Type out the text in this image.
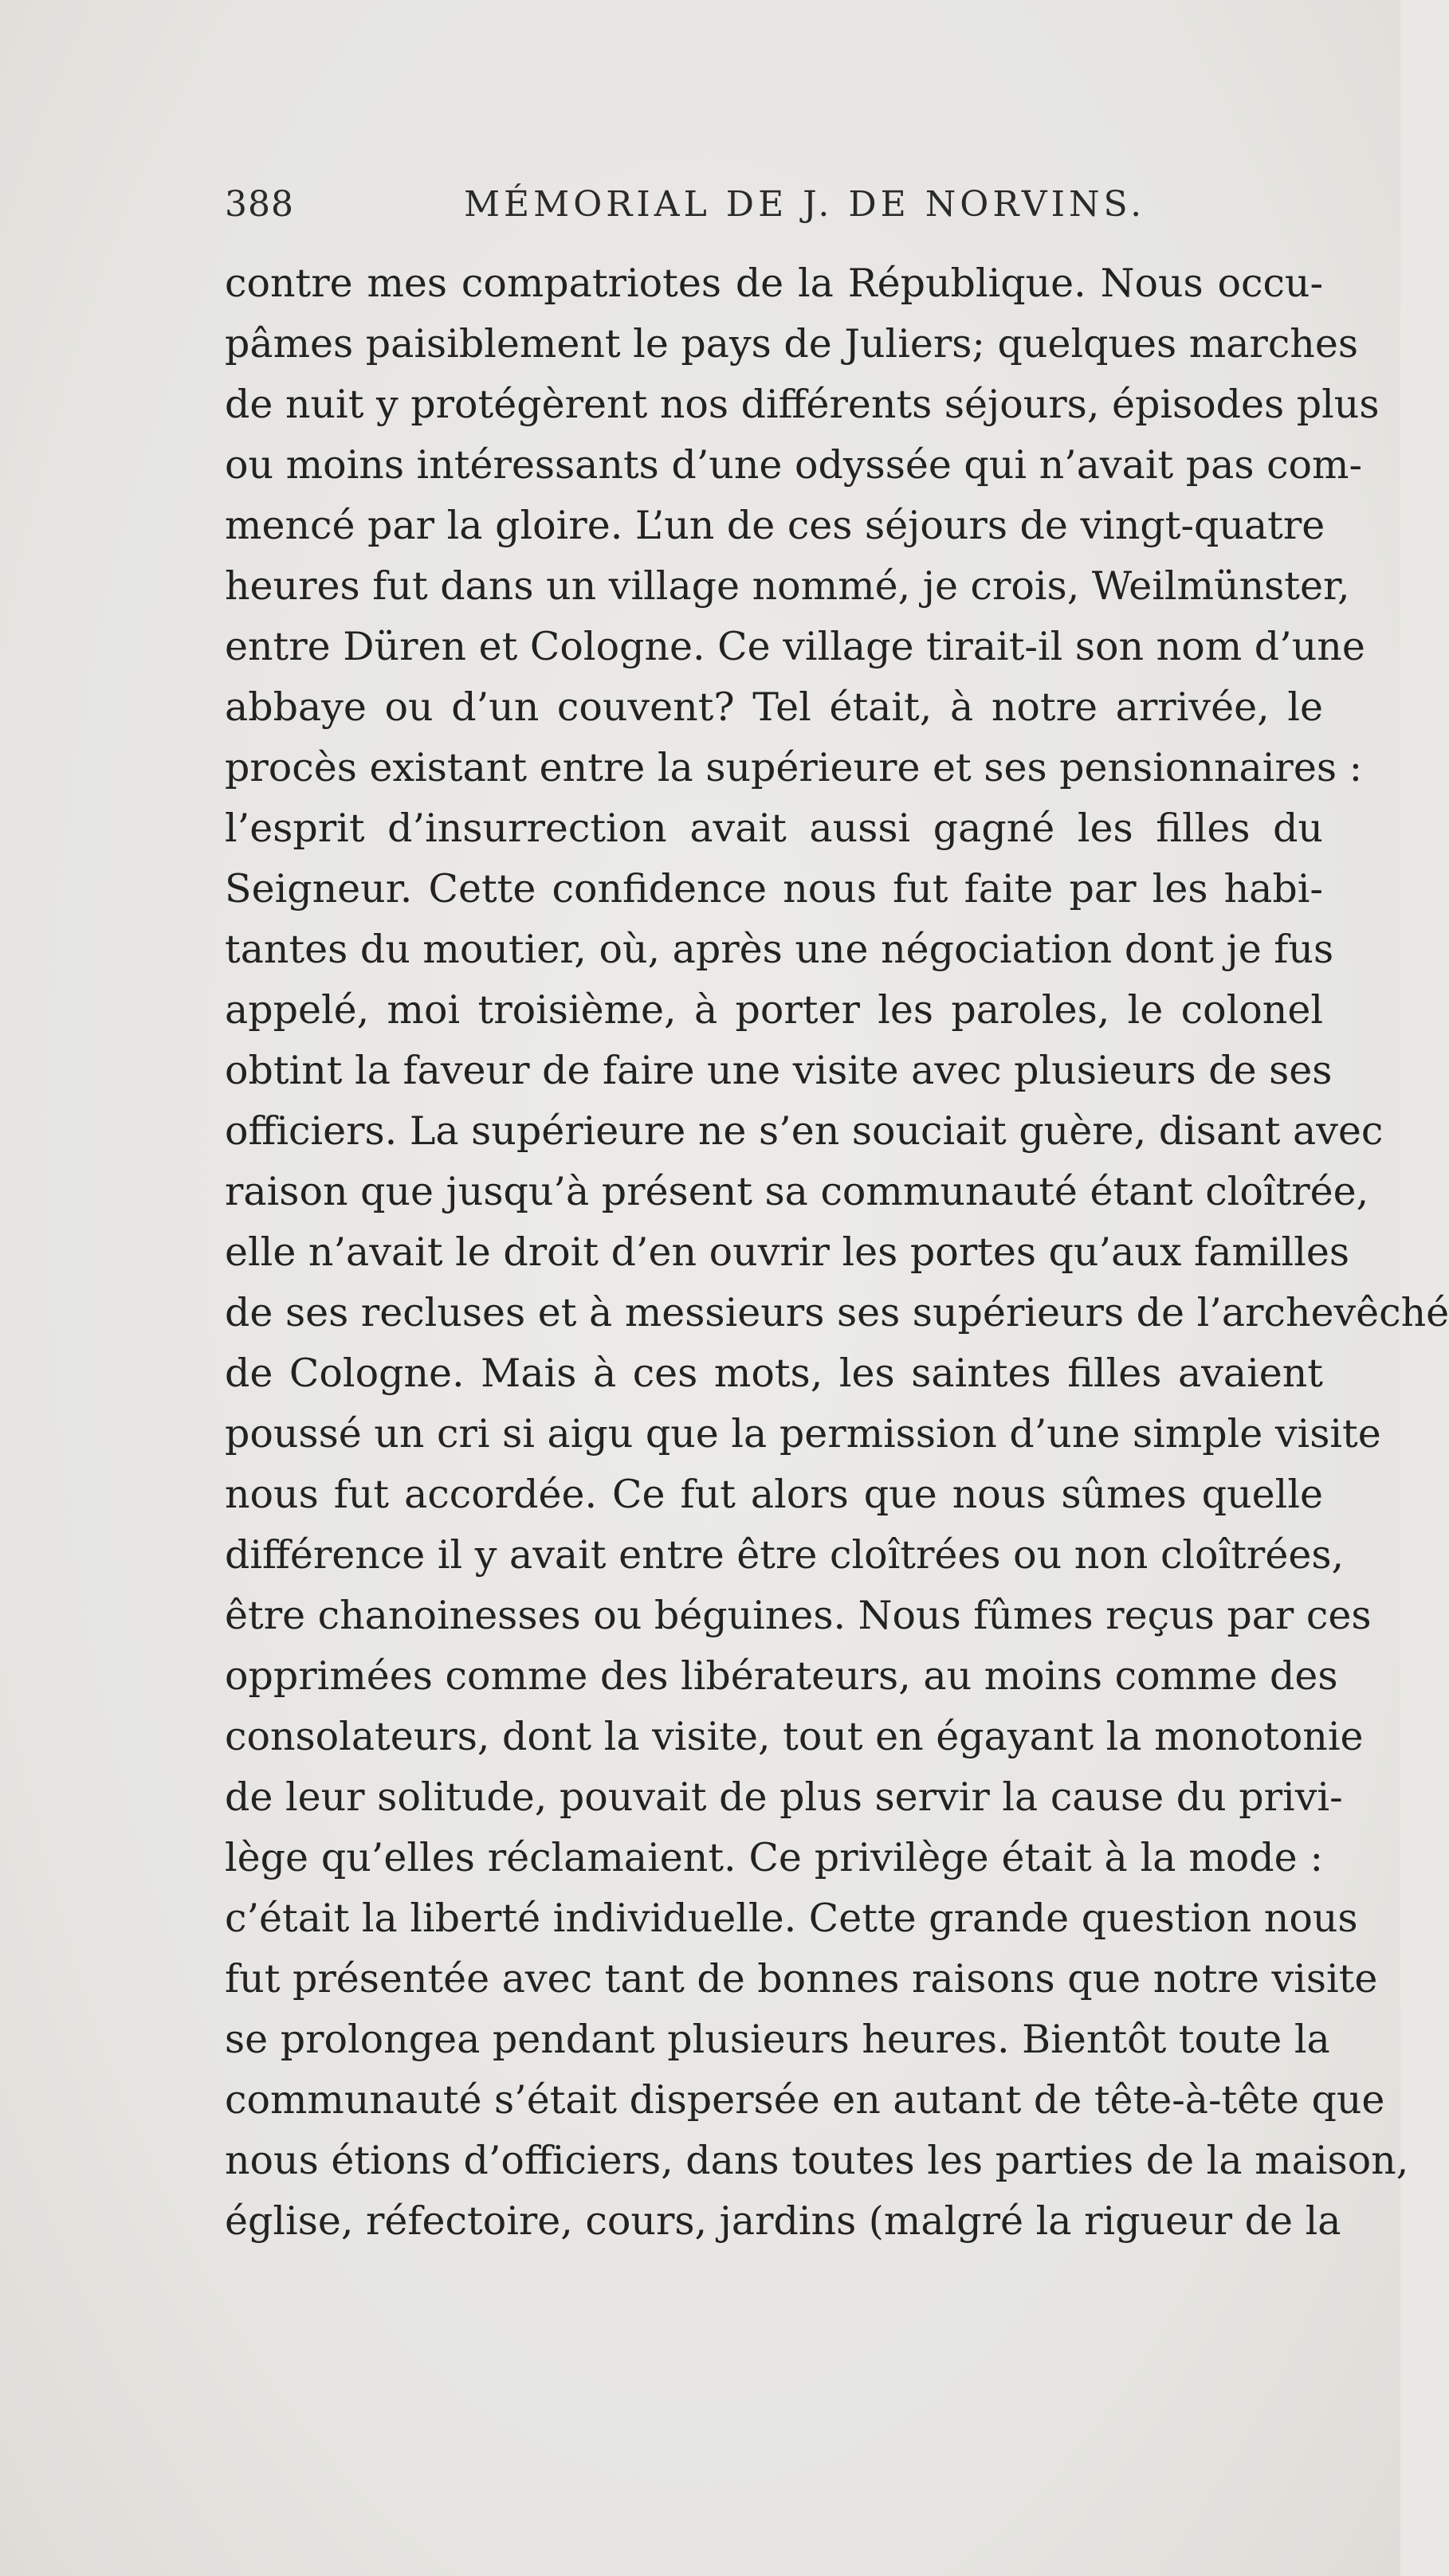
388	MÉMORIAL DE J. DE NORVINS.
contre mes compatriotes de la République. Nous occu-
pâmes paisiblement le pays de Juliers; quelques marches
de nuit y protégèrent nos différents séjours, épisodes plus
ou moins intéressants d’une odyssée qui n’avait pas com-
mencé par la gloire. L’un de ces séjours de vingt-quatre
heures fut dans un village nommé, je crois, Weilmünster,
entre Düren et Cologne. Ce village tirait-il son nom d’une
abbaye ou d’un couvent? Tel était, à notre arrivée, le
procès existant entre la supérieure et ses pensionnaires :
l’esprit d’insurrection avait aussi gagné les filles du
Seigneur. Cette confidence nous fut faite par les habi-
tantes du moutier, où, après une négociation dont je fus
appelé, moi troisième, à porter les paroles, le colonel
obtint la faveur de faire une visite avec plusieurs de ses
officiers. La supérieure ne s’en souciait guère, disant avec
raison que jusqu’à présent sa communauté étant cloîtrée,
elle n’avait le droit d’en ouvrir les portes qu’aux familles
de ses recluses et à messieurs ses supérieurs de l’archevêché
de Cologne. Mais à ces mots, les saintes filles avaient
poussé un cri si aigu que la permission d’une simple visite
nous fut accordée. Ce fut alors que nous sûmes quelle
différence il y avait entre être cloîtrées ou non cloîtrées,
être chanoinesses ou béguines. Nous fûmes reçus par ces
opprimées comme des libérateurs, au moins comme des
consolateurs, dont la visite, tout en égayant la monotonie
de leur solitude, pouvait de plus servir la cause du privi-
lège qu’elles réclamaient. Ce privilège était à la mode :
c’était la liberté individuelle. Cette grande question nous
fut présentée avec tant de bonnes raisons que notre visite
se prolongea pendant plusieurs heures. Bientôt toute la
communauté s’était dispersée en autant de tête-à-tête que
nous étions d’officiers, dans toutes les parties de la maison,
église, réfectoire, cours, jardins (malgré la rigueur de la
